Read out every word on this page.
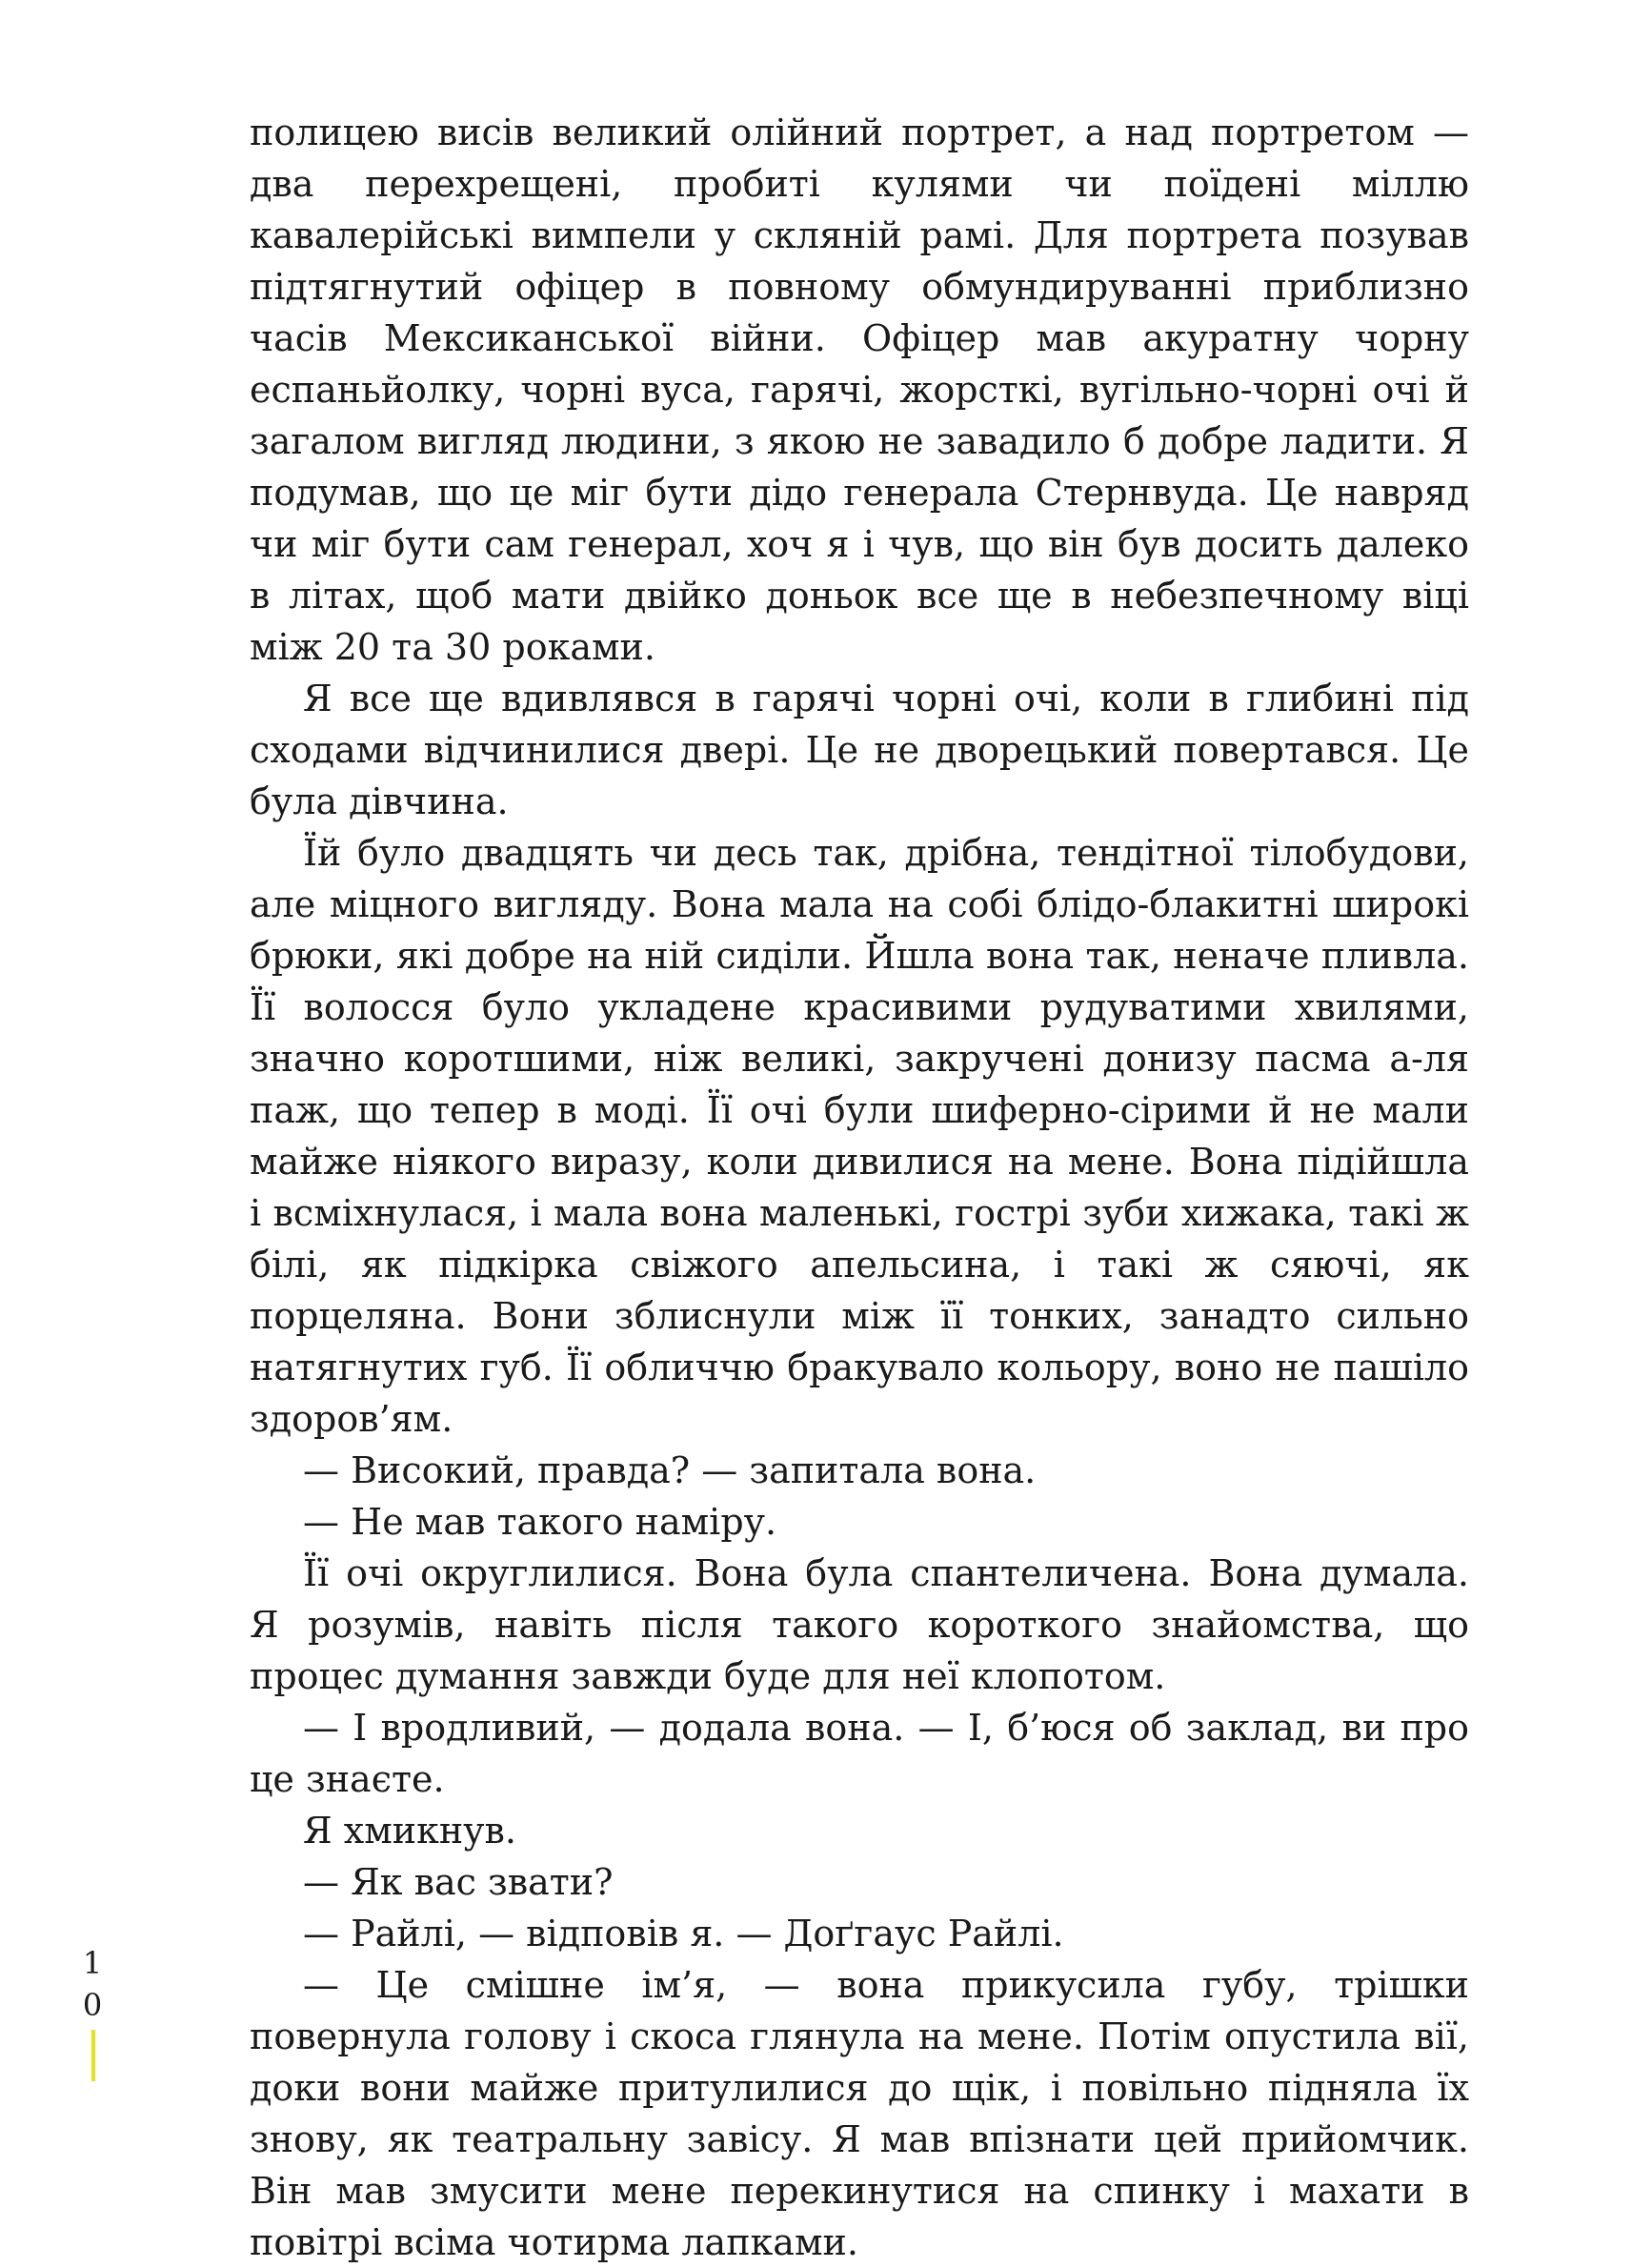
полицею висів великий олійний портрет, а над портретом — два перехрещені, пробиті кулями чи поїдені міллю кавалерійські вимпели у скляній рамі. Для портрета позував підтягнутий офіцер в повному обмундируванні приблизно часів Мексиканської війни. Офіцер мав акуратну чорну еспаньйолку, чорні вуса, гарячі, жорсткі, вугільно-чорні очі й загалом вигляд людини, з якою не завадило б добре ладити. Я подумав, що це міг бути дідо генерала Стернвуда. Це навряд чи міг бути сам генерал, хоч я і чув, що він був досить далеко в літах, щоб мати двійко доньок все ще в небезпечному віці між 20 та 30 роками.

Я все ще вдивлявся в гарячі чорні очі, коли в глибині під сходами відчинилися двері. Це не дворецький повертався. Це була дівчина.

Їй було двадцять чи десь так, дрібна, тендітної тілобудови, але міцного вигляду. Вона мала на собі блідо-блакитні широкі брюки, які добре на ній сиділи. Йшла вона так, неначе пливла. Її волосся було укладене красивими рудуватими хвилями, значно коротшими, ніж великі, закручені донизу пасма а-ля паж, що тепер в моді. Її очі були шиферно-сірими й не мали майже ніякого виразу, коли дивилися на мене. Вона підійшла і всміхнулася, і мала вона маленькі, гострі зуби хижака, такі ж білі, як підкірка свіжого апельсина, і такі ж сяючі, як порцеляна. Вони зблиснули між її тонких, занадто сильно натягнутих губ. Її обличчю бракувало кольору, воно не пашіло здоров’ям.

— Високий, правда? — запитала вона.

— Не мав такого наміру.

Її очі округлилися. Вона була спантеличена. Вона думала. Я розумів, навіть після такого короткого знайомства, що процес думання завжди буде для неї клопотом.

— І вродливий, — додала вона. — І, б’юся об заклад, ви про це знаєте.

Я хмикнув.

— Як вас звати?

— Райлі, — відповів я. — Доґгаус Райлі.

— Це смішне ім’я, — вона прикусила губу, трішки повернула голову і скоса глянула на мене. Потім опустила вії, доки вони майже притулилися до щік, і повільно підняла їх знову, як театральну завісу. Я мав впізнати цей прийомчик. Він мав змусити мене перекинутися на спинку і махати в повітрі всіма чотирма лапками.

1
0
